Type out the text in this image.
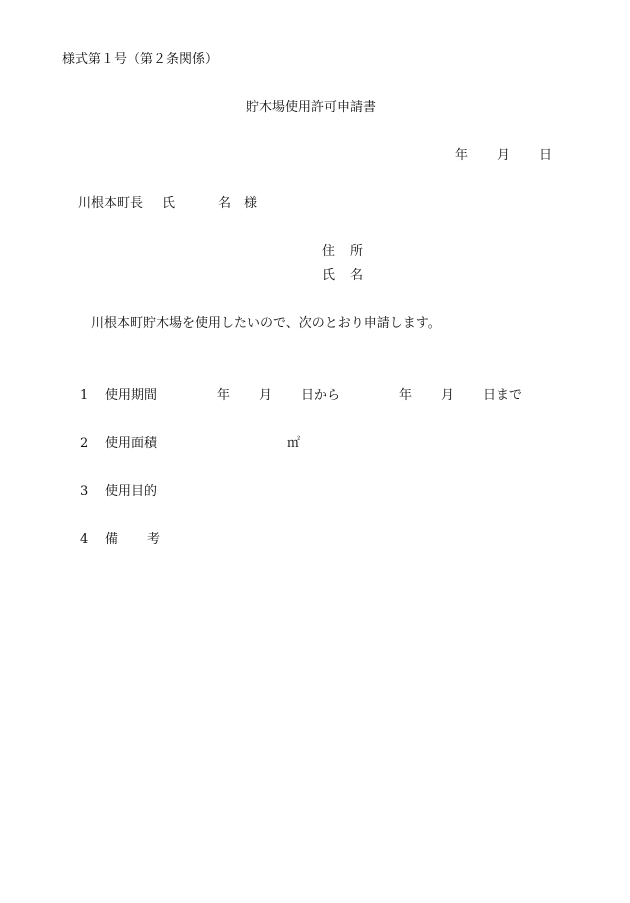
様式第１号（第２条関係）
貯木場使用許可申請書
年 月 日
川根本町長 氏	名 様
住 所
氏 名
川根本町貯木場を使用したいので、次のとおり申請します。
1 使用期間	年 月 日から	年 月 日まで
2 使用面積	㎡
3 使用目的
4 備 考
